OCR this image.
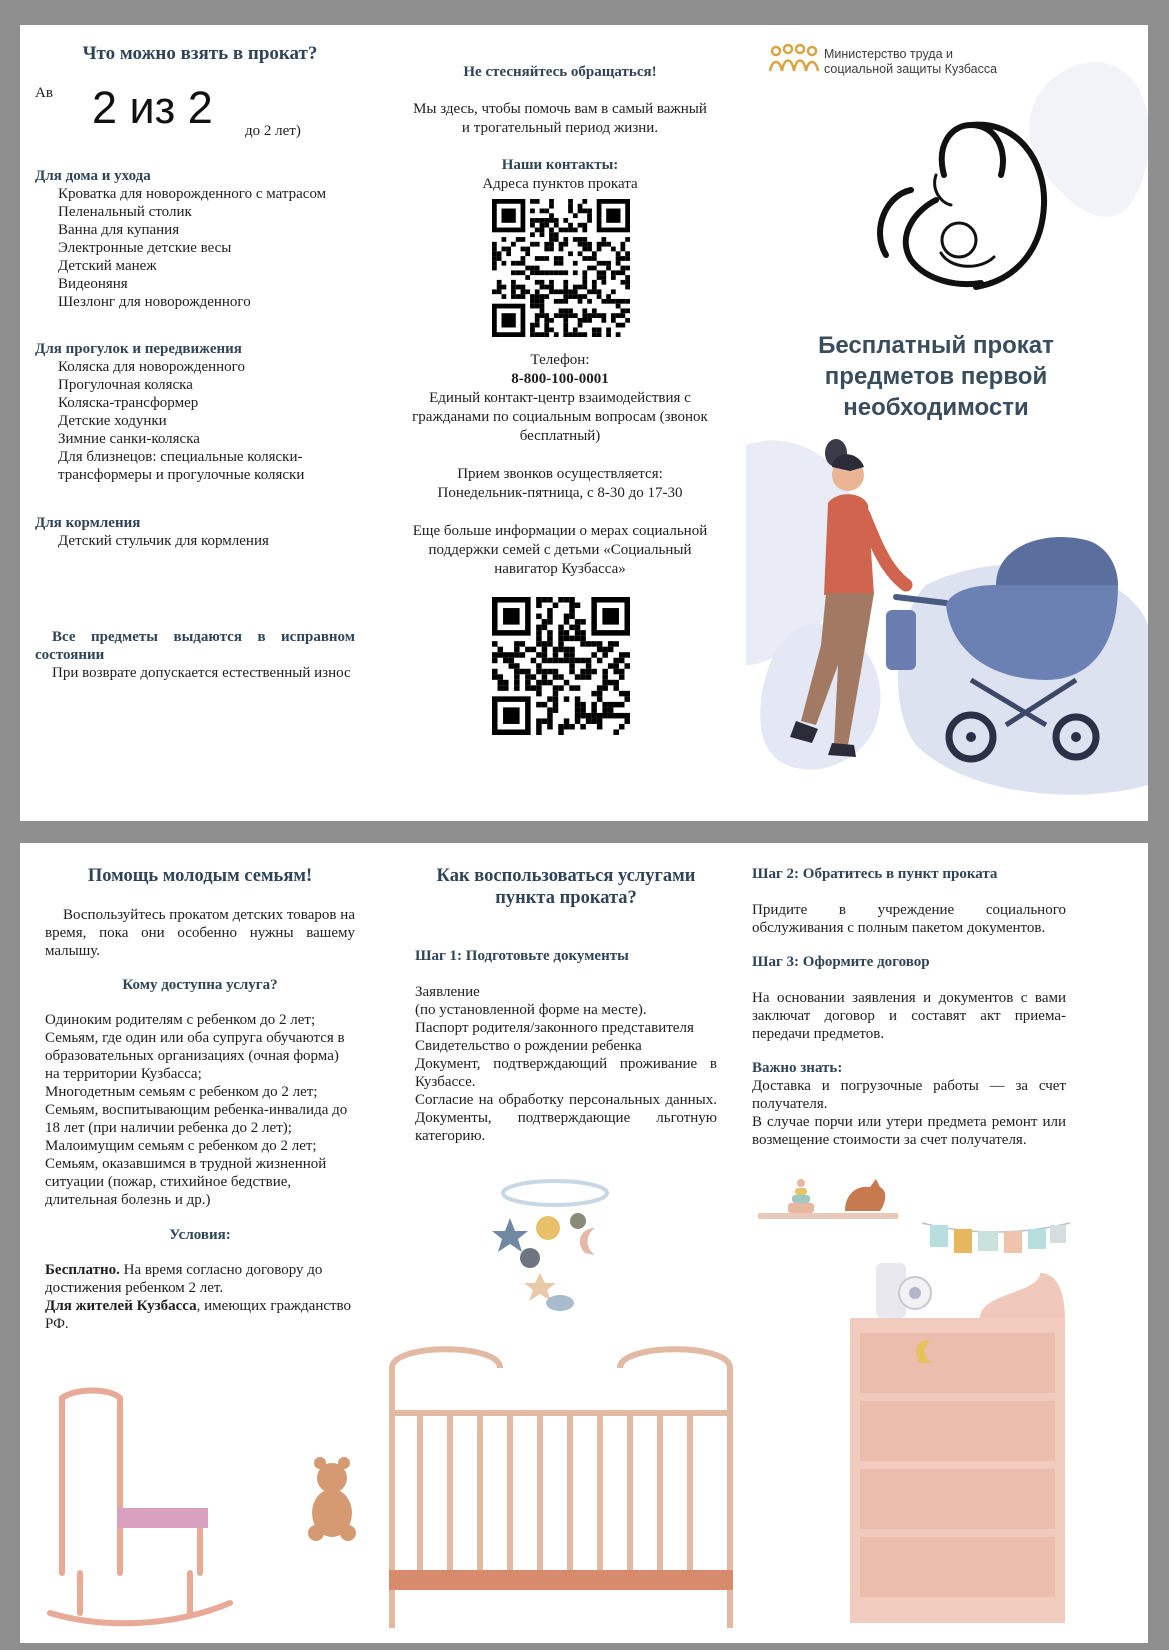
Что можно взять в прокат?
Ав
до 2 лет)
Для дома и ухода
Кроватка для новорожденного с матрасом
Пеленальный столик
Ванна для купания
Электронные детские весы
Детский манеж
Видеоняня
Шезлонг для новорожденного
Для прогулок и передвижения
Коляска для новорожденного
Прогулочная коляска
Коляска-трансформер
Детские ходунки
Зимние санки-коляска
Для близнецов: специальные коляски-трансформеры и прогулочные коляски
Для кормления
Детский стульчик для кормления
Все предметы выдаются в исправном состоянии
При возврате допускается естественный износ
Не стесняйтесь обращаться!
Мы здесь, чтобы помочь вам в самый важный и трогательный период жизни.
Наши контакты:
Адреса пунктов проката
Телефон:
8-800-100-0001
Единый контакт-центр взаимодействия с гражданами по социальным вопросам (звонок бесплатный)
Прием звонков осуществляется:
Понедельник-пятница, с 8-30 до 17-30
Еще больше информации о мерах социальной поддержки семей с детьми «Социальный навигатор Кузбасса»
Министерство труда и
социальной защиты Кузбасса
Бесплатный прокат предметов первой необходимости
2 из 2
Помощь молодым семьям!
Воспользуйтесь прокатом детских товаров на время, пока они особенно нужны вашему малышу.
Кому доступна услуга?
Одиноким родителям с ребенком до 2 лет;
Семьям, где один или оба супруга обучаются в образовательных организациях (очная форма) на территории Кузбасса;
Многодетным семьям с ребенком до 2 лет;
Семьям, воспитывающим ребенка-инвалида до 18 лет (при наличии ребенка до 2 лет);
Малоимущим семьям с ребенком до 2 лет;
Семьям, оказавшимся в трудной жизненной ситуации (пожар, стихийное бедствие, длительная болезнь и др.)
Условия:
Бесплатно. На время согласно договору до достижения ребенком 2 лет.
Для жителей Кузбасса, имеющих гражданство РФ.
Как воспользоваться услугами пункта проката?
Шаг 1: Подготовьте документы
Заявление
(по установленной форме на месте).
Паспорт родителя/законного представителя
Свидетельство о рождении ребенка
Документ, подтверждающий проживание в Кузбассе.
Согласие на обработку персональных данных. Документы, подтверждающие льготную категорию.
Шаг 2: Обратитесь в пункт проката
Придите в учреждение социального обслуживания с полным пакетом документов.
Шаг 3: Оформите договор
На основании заявления и документов с вами заключат договор и составят акт приема-передачи предметов.
Важно знать:
Доставка и погрузочные работы — за счет получателя.
В случае порчи или утери предмета ремонт или возмещение стоимости за счет получателя.
